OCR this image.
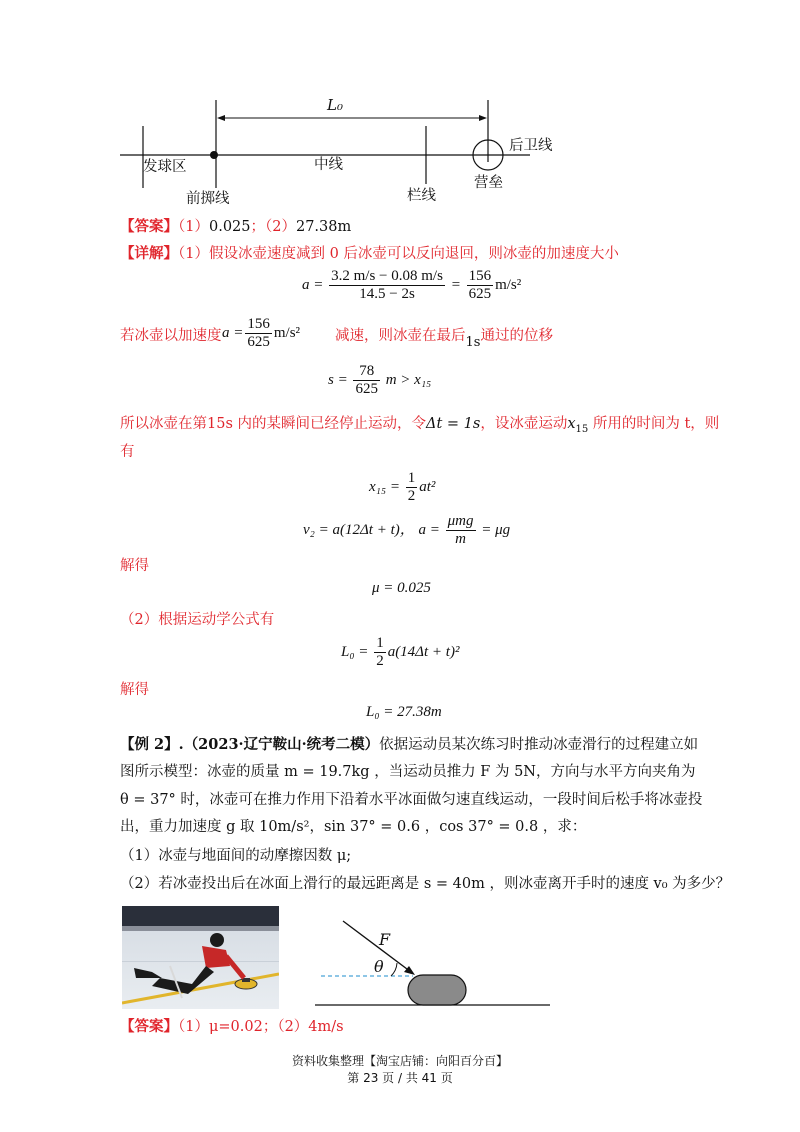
L₀
发球区	中线
后卫线
前掷线	栏线
营垒
【答案】（1）0.025；（2）27.38m
【详解】（1）假设冰壶速度减到 0 后冰壶可以反向退回，则冰壶的加速度大小
$a = \frac{3.2 m/s - 0.08 m/s}{14.5 - 2s} = \frac{156}{625} m/s^2$
若冰壶以加速度 $a = \frac{156}{625} m/s^2$ 减速，则冰壶在最后1s通过的位移
$s = \frac{78}{625}$ m > x₁₅
所以冰壶在第15s 内的某瞬间已经停止运动，令Δt = 1s，设冰壶运动$x_{15}$ 所用的时间为 t，则
有
$x_{15} = \frac{1}{2} at^2$
v₂ = a(12Δt + t)， $a = \frac{\text{μmg}}{m} = \mu g$
解得
μ = 0.025
（2）根据运动学公式有
$L_0 = \frac{1}{2} a(14\Delta t + t)^2$
解得
L₀ = 27.38m
【例 2】.（2023·辽宁鞍山·统考二模）依据运动员某次练习时推动冰壶滑行的过程建立如
图所示模型：冰壶的质量 m = 19.7kg ，当运动员推力 F 为 5N，方向与水平方向夹角为
θ = 37° 时，冰壶可在推力作用下沿着水平冰面做匀速直线运动，一段时间后松手将冰壶投
出，重力加速度 g 取 10m/s²，sin 37° = 0.6 ，cos 37° = 0.8 ，求：
（1）冰壶与地面间的动摩擦因数 μ;
（2）若冰壶投出后在冰面上滑行的最远距离是 s = 40m ，则冰壶离开手时的速度 v₀ 为多少？
F
θ
【答案】（1）μ=0.02；（2）4m/s
资料收集整理【淘宝店铺：向阳百分百】
第 23 页 / 共 41 页
